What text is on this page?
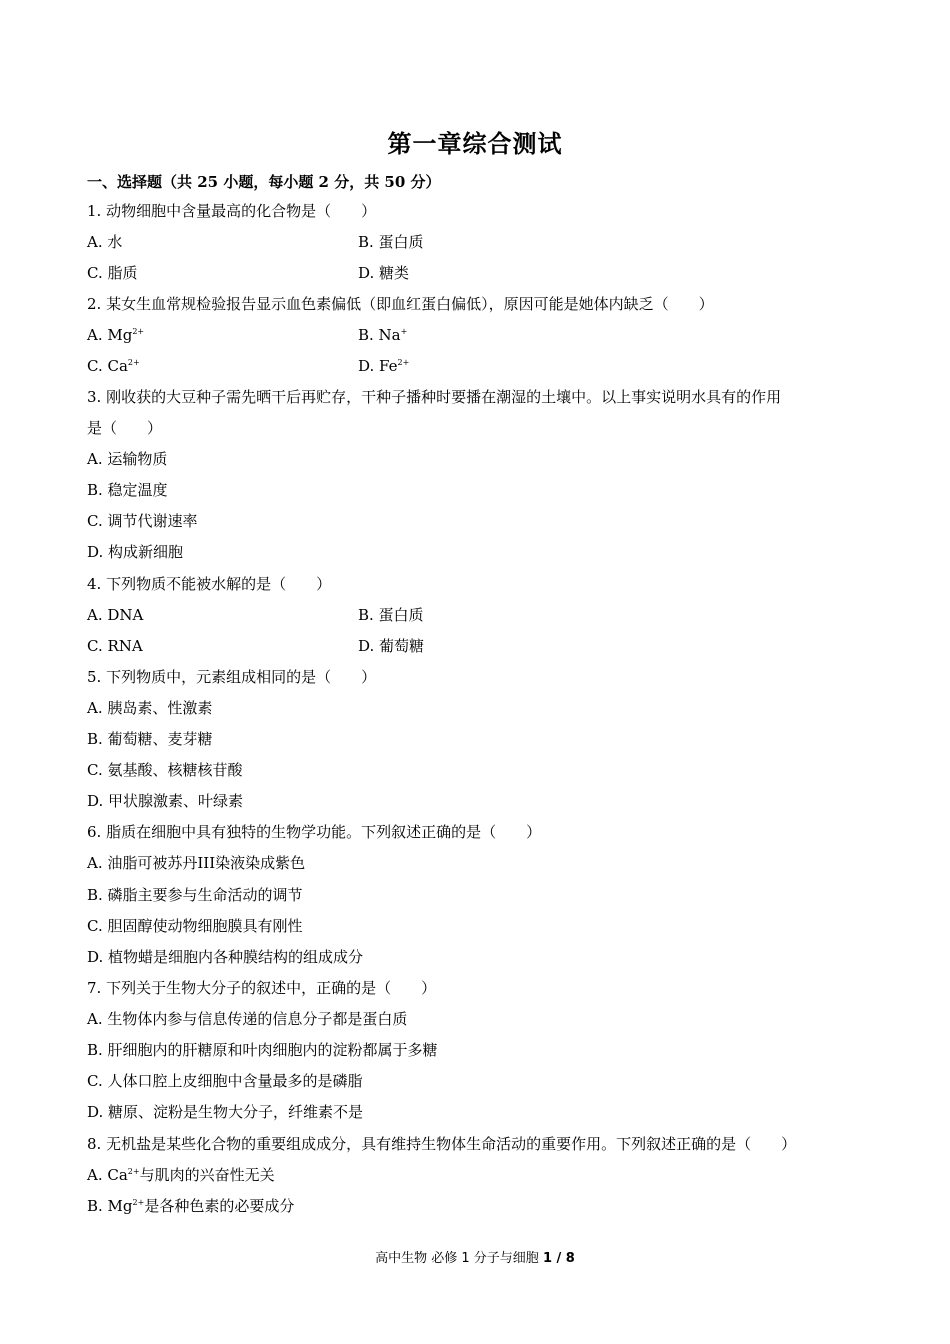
第一章综合测试
一、选择题（共 25 小题，每小题 2 分，共 50 分）
1. 动物细胞中含量最高的化合物是（　　）
A. 水	B. 蛋白质
C. 脂质	D. 糖类
2. 某女生血常规检验报告显示血色素偏低（即血红蛋白偏低），原因可能是她体内缺乏（　　）
A. $Mg^{2+}$	B. Na+
C. $Ca^{2+}$	D. $Fe^{2+}$
3. 刚收获的大豆种子需先晒干后再贮存，干种子播种时要播在潮湿的土壤中。以上事实说明水具有的作用
是（　　）
A. 运输物质
B. 稳定温度
C. 调节代谢速率
D. 构成新细胞
4. 下列物质不能被水解的是（　　）
A. DNA	B. 蛋白质
C. RNA	D. 葡萄糖
5. 下列物质中，元素组成相同的是（　　）
A. 胰岛素、性激素
B. 葡萄糖、麦芽糖
C. 氨基酸、核糖核苷酸
D. 甲状腺激素、叶绿素
6. 脂质在细胞中具有独特的生物学功能。下列叙述正确的是（　　）
A. 油脂可被苏丹III染液染成紫色
B. 磷脂主要参与生命活动的调节
C. 胆固醇使动物细胞膜具有刚性
D. 植物蜡是细胞内各种膜结构的组成成分
7. 下列关于生物大分子的叙述中，正确的是（　　）
A. 生物体内参与信息传递的信息分子都是蛋白质
B. 肝细胞内的肝糖原和叶肉细胞内的淀粉都属于多糖
C. 人体口腔上皮细胞中含量最多的是磷脂
D. 糖原、淀粉是生物大分子，纤维素不是
8. 无机盐是某些化合物的重要组成成分，具有维持生物体生命活动的重要作用。下列叙述正确的是（　　）
A. $Ca^{2+}$与肌肉的兴奋性无关
B. $Mg^{2+}$是各种色素的必要成分
高中生物 必修 1 分子与细胞 1 / 8
